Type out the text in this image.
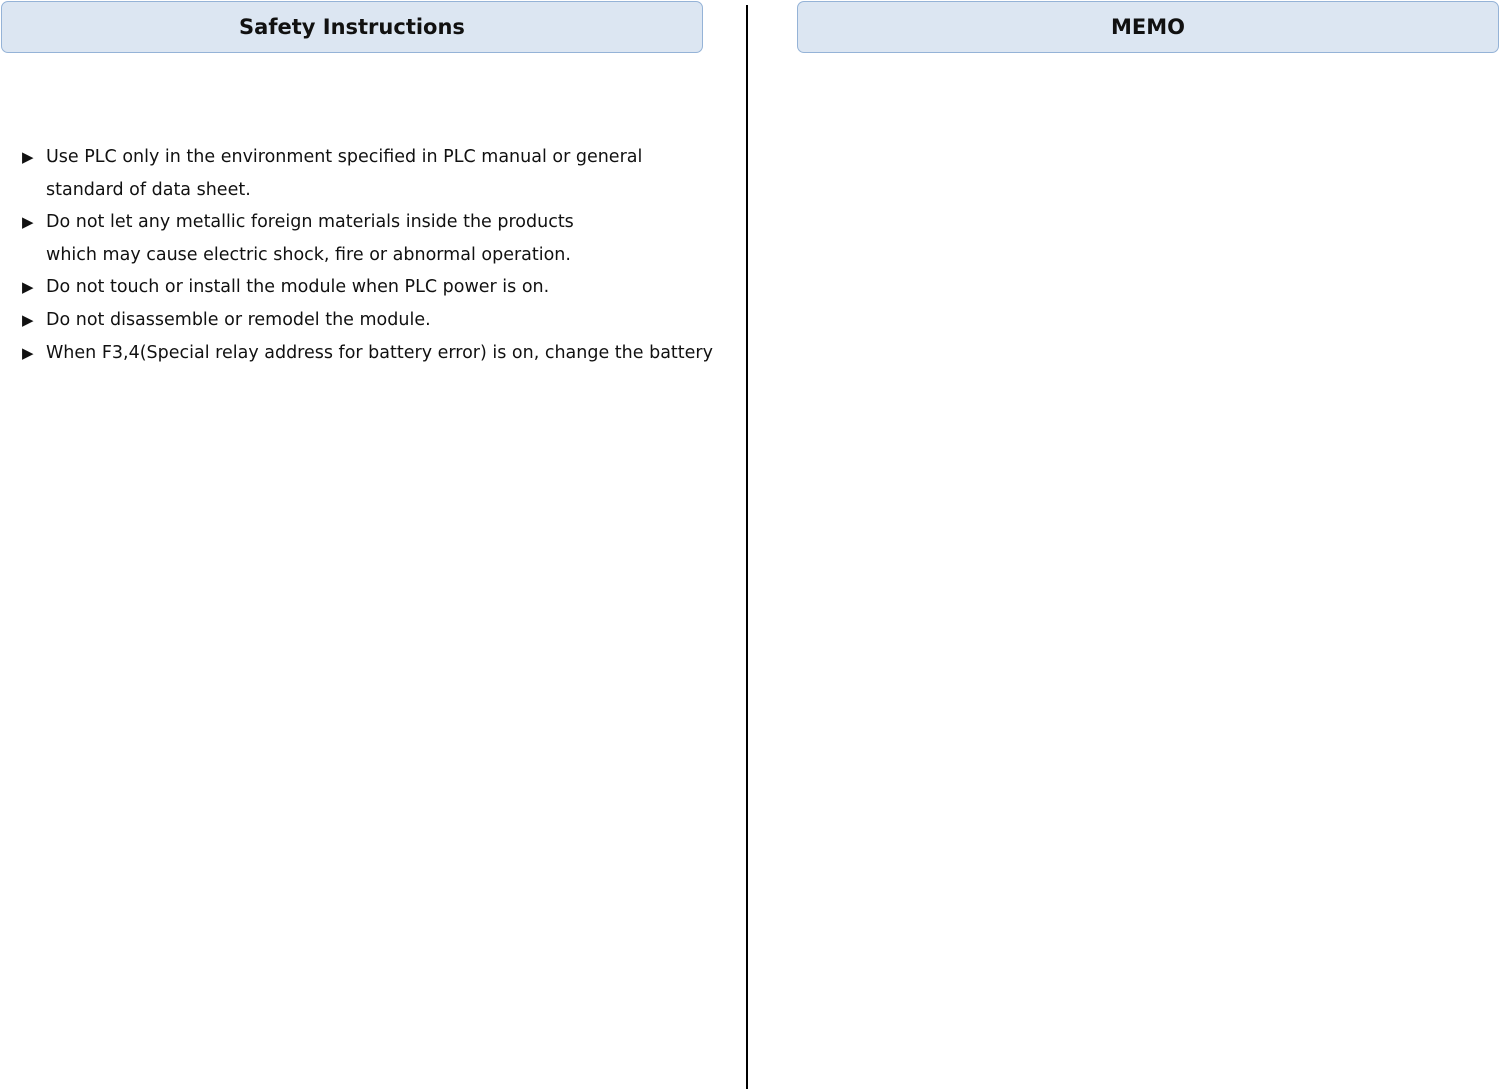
Safety Instructions	MEMO
▶ Use PLC only in the environment specified in PLC manual or general
standard of data sheet.
▶ Do not let any metallic foreign materials inside the products
which may cause electric shock, fire or abnormal operation.
▶ Do not touch or install the module when PLC power is on.
▶ Do not disassemble or remodel the module.
▶ When F3,4(Special relay address for battery error) is on, change the battery
